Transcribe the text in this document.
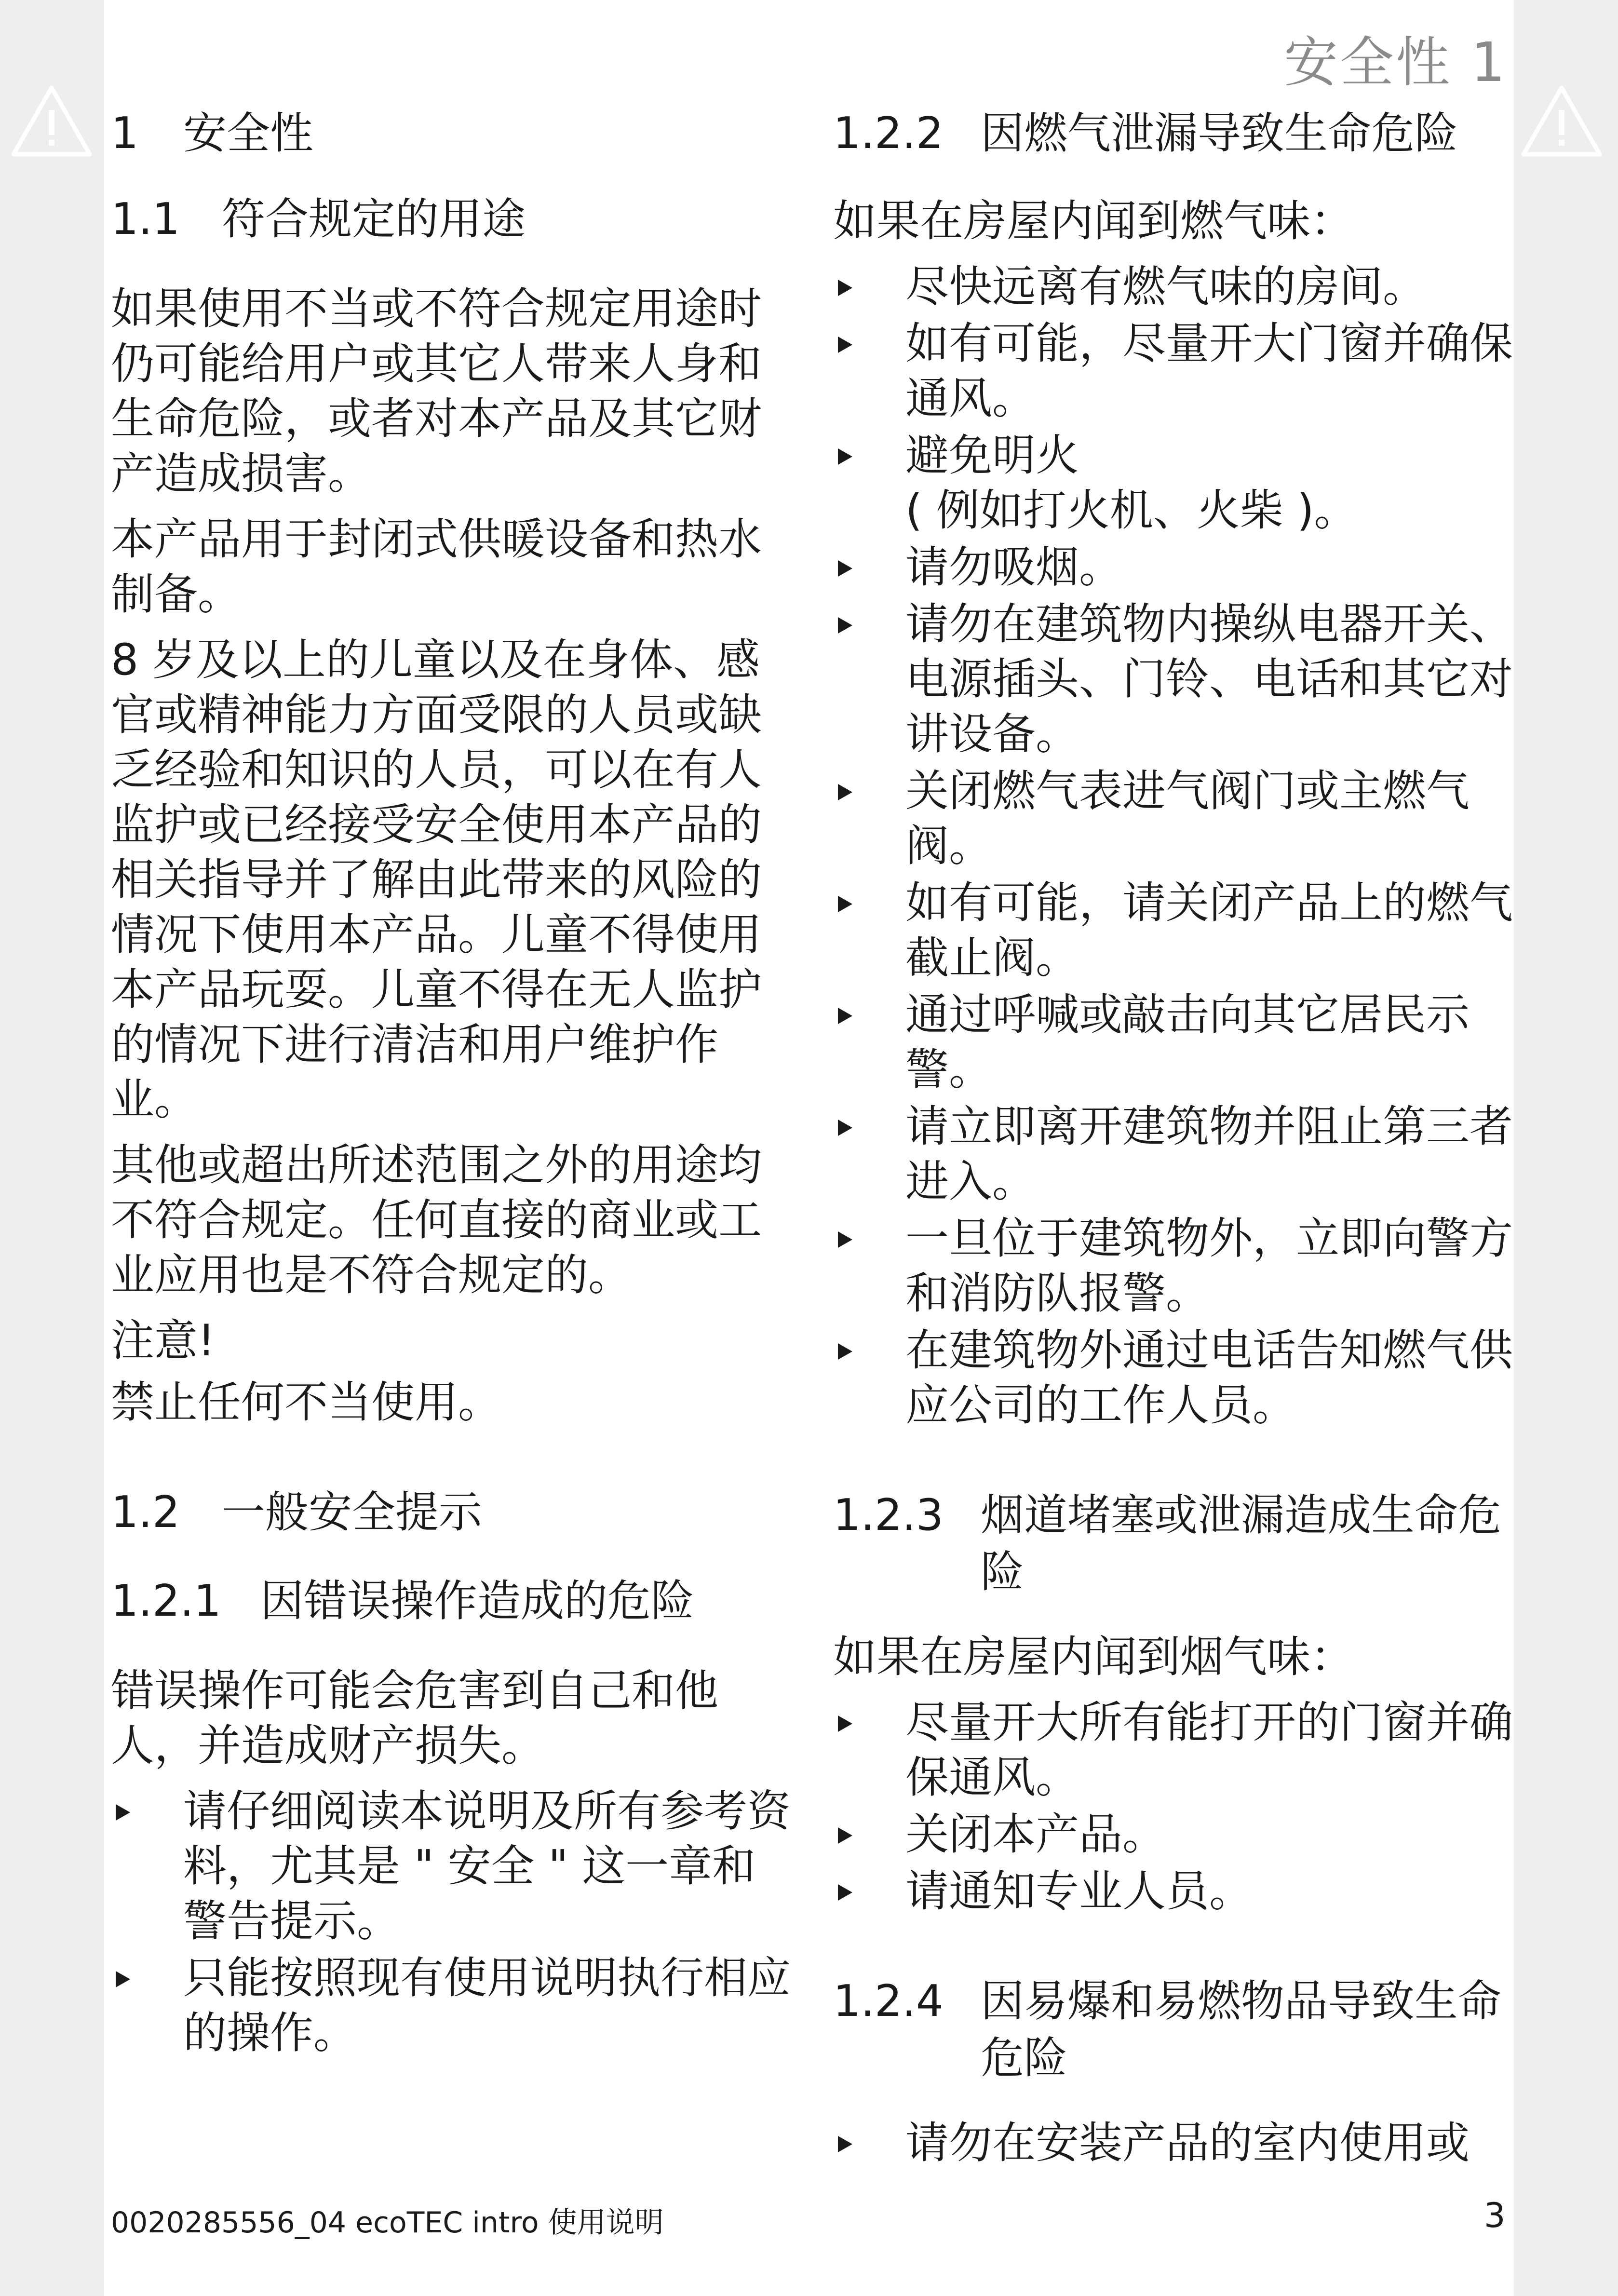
安全性 1
1 安全性
1.1 符合规定的用途
如果使用不当或不符合规定用途时仍可能给用户或其它人带来人身和生命危险，或者对本产品及其它财产造成损害。
本产品用于封闭式供暖设备和热水制备。
8 岁及以上的儿童以及在身体、感官或精神能力方面受限的人员或缺乏经验和知识的人员，可以在有人监护或已经接受安全使用本产品的相关指导并了解由此带来的风险的情况下使用本产品。儿童不得使用本产品玩耍。儿童不得在无人监护的情况下进行清洁和用户维护作业。
其他或超出所述范围之外的用途均不符合规定。任何直接的商业或工业应用也是不符合规定的。
注意!
禁止任何不当使用。
1.2 一般安全提示
1.2.1 因错误操作造成的危险
错误操作可能会危害到自己和他人，并造成财产损失。
请仔细阅读本说明及所有参考资料，尤其是 " 安全 " 这一章和警告提示。
只能按照现有使用说明执行相应的操作。
1.2.2 因燃气泄漏导致生命危险
如果在房屋内闻到燃气味：
尽快远离有燃气味的房间。
如有可能，尽量开大门窗并确保通风。
避免明火
( 例如打火机、火柴 )。
请勿吸烟。
请勿在建筑物内操纵电器开关、电源插头、门铃、电话和其它对讲设备。
关闭燃气表进气阀门或主燃气阀。
如有可能，请关闭产品上的燃气截止阀。
通过呼喊或敲击向其它居民示警。
请立即离开建筑物并阻止第三者进入。
一旦位于建筑物外，立即向警方和消防队报警。
在建筑物外通过电话告知燃气供应公司的工作人员。
1.2.3 烟道堵塞或泄漏造成生命危险
如果在房屋内闻到烟气味：
尽量开大所有能打开的门窗并确保通风。
关闭本产品。
请通知专业人员。
1.2.4 因易爆和易燃物品导致生命危险
请勿在安装产品的室内使用或
0020285556_04 ecoTEC intro 使用说明	3
